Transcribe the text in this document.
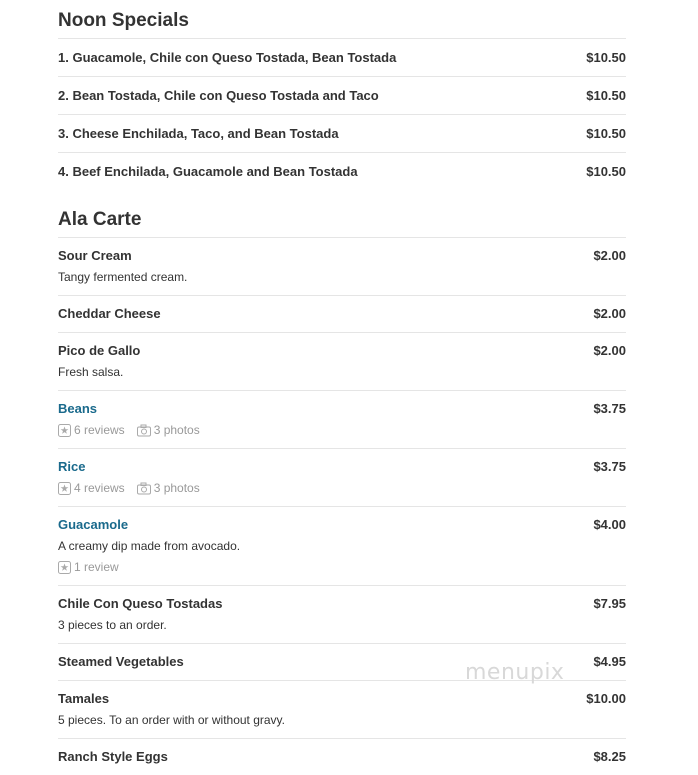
Noon Specials
1. Guacamole, Chile con Queso Tostada, Bean Tostada	$10.50
2. Bean Tostada, Chile con Queso Tostada and Taco	$10.50
3. Cheese Enchilada, Taco, and Bean Tostada	$10.50
4. Beef Enchilada, Guacamole and Bean Tostada	$10.50
Ala Carte
Sour Cream	$2.00
Tangy fermented cream.
Cheddar Cheese	$2.00
Pico de Gallo	$2.00
Fresh salsa.
Beans	$3.75
6 reviews 3 photos
Rice	$3.75
4 reviews 3 photos
Guacamole	$4.00
A creamy dip made from avocado.
1 review
Chile Con Queso Tostadas	$7.95
3 pieces to an order.
Steamed Vegetables	$4.95
Tamales	$10.00
5 pieces. To an order with or without gravy.
Ranch Style Eggs	$8.25
menupix
